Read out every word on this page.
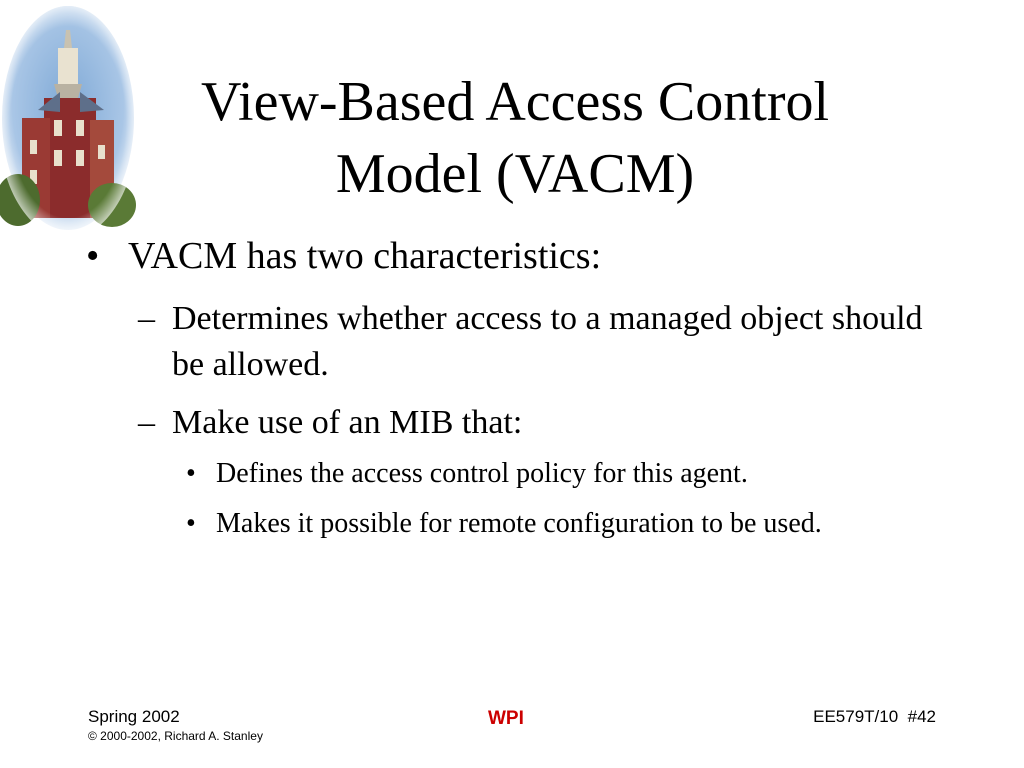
View-Based Access Control
Model (VACM)
• VACM has two characteristics:
– Determines whether access to a managed object should be allowed.
– Make use of an MIB that:
• Defines the access control policy for this agent.
• Makes it possible for remote configuration to be used.
Spring 2002
© 2000-2002, Richard A. Stanley
WPI	EE579T/10 #42
